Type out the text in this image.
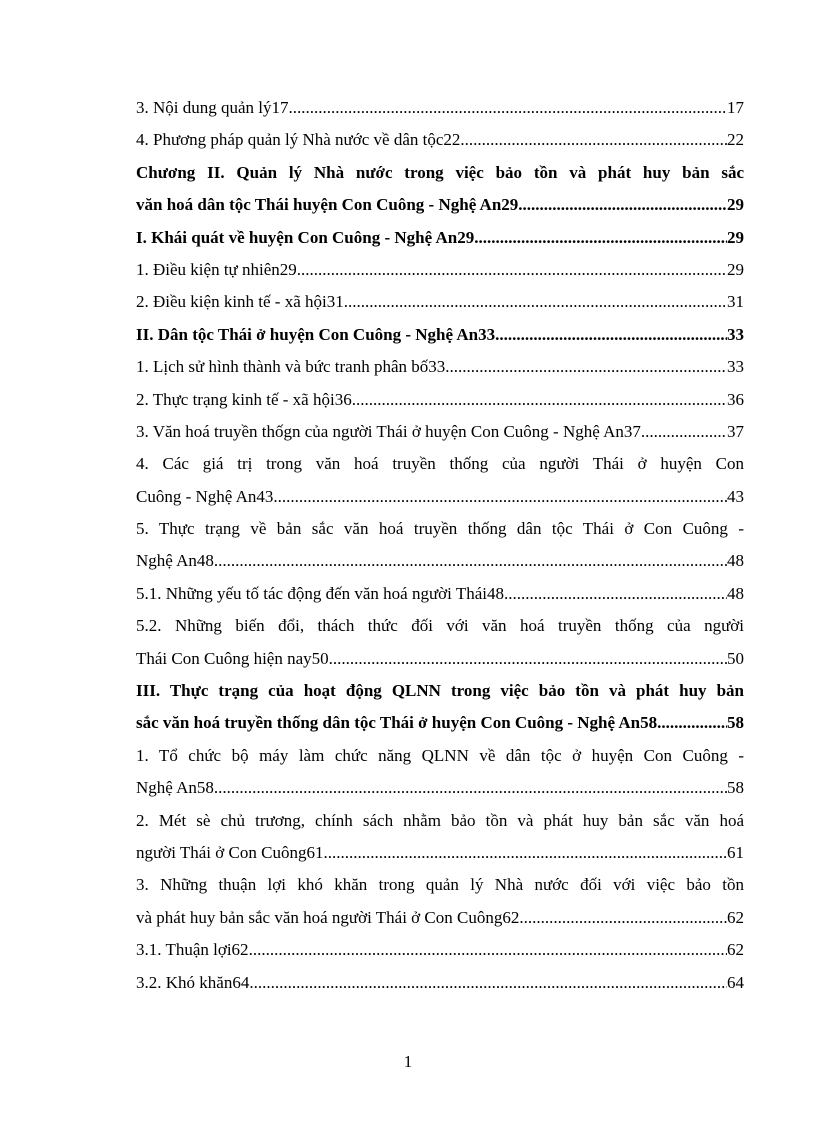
3. Nội dung quản lý17 .....	17
4. Phương pháp quản lý Nhà nước về dân tộc22 .....	22
Chương II. Quản lý Nhà nước trong việc bảo tồn và phát huy bản sắc
văn hoá dân tộc Thái huyện Con Cuông - Nghệ An29 .....	29
I. Khái quát về huyện Con Cuông - Nghệ An29 .....	29
1. Điều kiện tự nhiên29 .....	29
2. Điều kiện kinh tế - xã hội31 .....	31
II. Dân tộc Thái ở huyện Con Cuông - Nghệ An33 .....	33
1. Lịch sử hình thành và bức tranh phân bố33 .....	33
2. Thực trạng kinh tế - xã hội36 .....	36
3. Văn hoá truyền thốgn của người Thái ở huyện Con Cuông - Nghệ An37 .....	37
4. Các giá trị trong văn hoá truyền thống của người Thái ở huyện Con
Cuông - Nghệ An43 .....	43
5. Thực trạng về bản sắc văn hoá truyền thống dân tộc Thái ở Con Cuông -
Nghệ An48 .....	48
5.1. Những yếu tố tác động đến văn hoá người Thái48 .....	48
5.2. Những biến đổi, thách thức đối với văn hoá truyền thống của người
Thái Con Cuông hiện nay50 .....	50
III. Thực trạng của hoạt động QLNN trong việc bảo tồn và phát huy bản
sắc văn hoá truyền thống dân tộc Thái ở huyện Con Cuông - Nghệ An58 .....	58
1. Tổ chức bộ máy làm chức năng QLNN về dân tộc ở huyện Con Cuông -
Nghệ An58 .....	58
2. Mét sè chủ trương, chính sách nhằm bảo tồn và phát huy bản sắc văn hoá
người Thái ở Con Cuông61 .....	61
3. Những thuận lợi khó khăn trong quản lý Nhà nước đối với việc bảo tồn
và phát huy bản sắc văn hoá người Thái ở Con Cuông62 .....	62
3.1. Thuận lợi62 .....	62
3.2. Khó khăn64 .....	64
1
